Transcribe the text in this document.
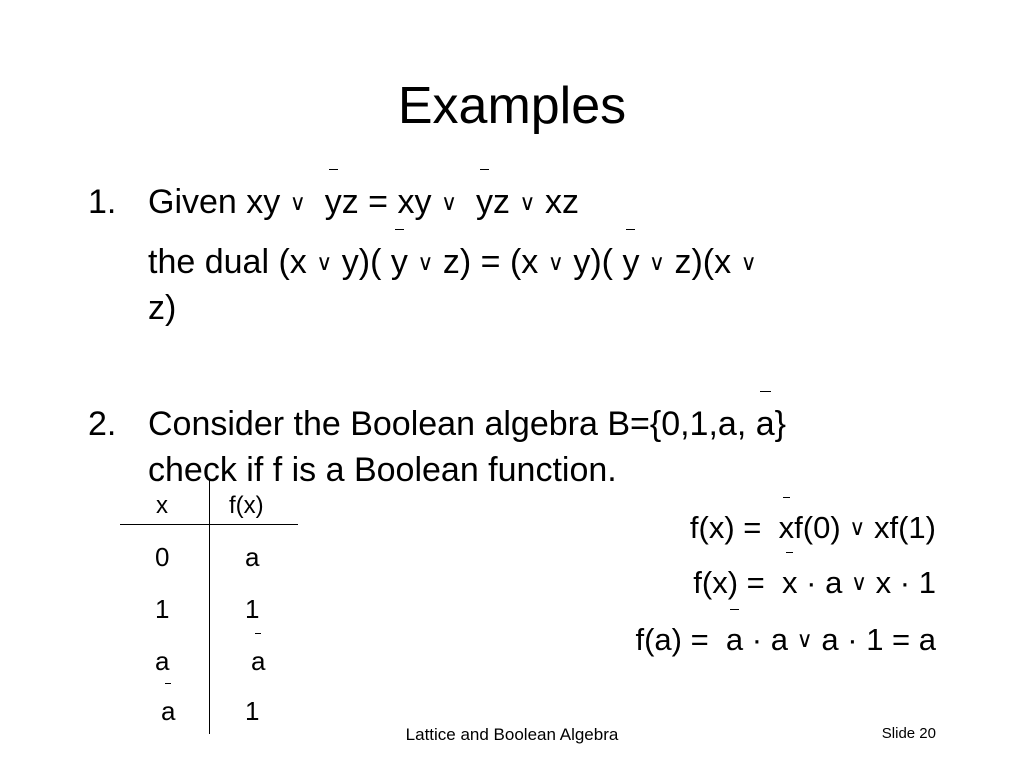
Examples
1. Given xy ∨ yz = xy ∨ yz ∨ xz
the dual (x ∨ y)( y ∨ z) = (x ∨ y)( y ∨ z)(x ∨
z)
2. Consider the Boolean algebra B={0,1,a, a}
check if f is a Boolean function.
x	f(x)
0	a
1	1
a	a
a	1
f(x) = xf(0) ∨ xf(1)
f(x) = x · a ∨ x · 1
f(a) = a · a ∨ a · 1 = a
Lattice and Boolean Algebra	Slide 20
